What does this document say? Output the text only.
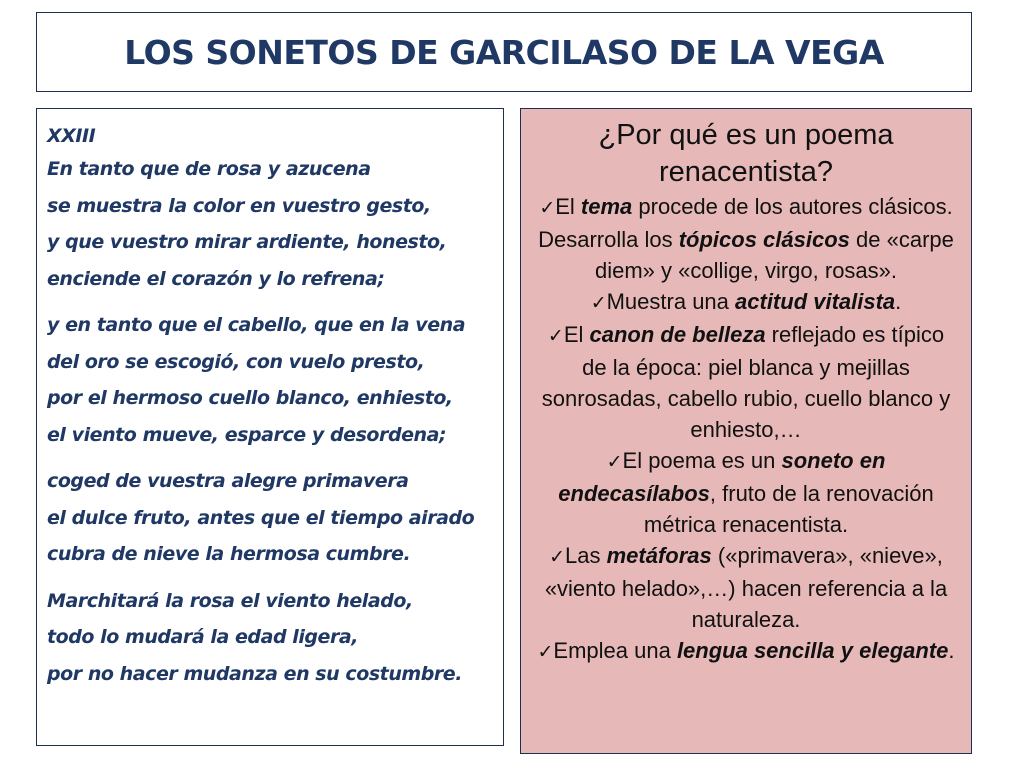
LOS SONETOS DE GARCILASO DE LA VEGA
XXIII
En tanto que de rosa y azucena
se muestra la color en vuestro gesto,
y que vuestro mirar ardiente, honesto,
enciende el corazón y lo refrena;
y en tanto que el cabello, que en la vena
del oro se escogió, con vuelo presto,
por el hermoso cuello blanco, enhiesto,
el viento mueve, esparce y desordena;
coged de vuestra alegre primavera
el dulce fruto, antes que el tiempo airado
cubra de nieve la hermosa cumbre.
Marchitará la rosa el viento helado,
todo lo mudará la edad ligera,
por no hacer mudanza en su costumbre.
¿Por qué es un poema renacentista?
✓El tema procede de los autores clásicos. Desarrolla los tópicos clásicos de «carpe diem» y «collige, virgo, rosas».
✓Muestra una actitud vitalista.
✓El canon de belleza reflejado es típico de la época: piel blanca y mejillas sonrosadas, cabello rubio, cuello blanco y enhiesto,…
✓El poema es un soneto en endecasílabos, fruto de la renovación métrica renacentista.
✓Las metáforas («primavera», «nieve», «viento helado»,…) hacen referencia a la naturaleza.
✓Emplea una lengua sencilla y elegante.
